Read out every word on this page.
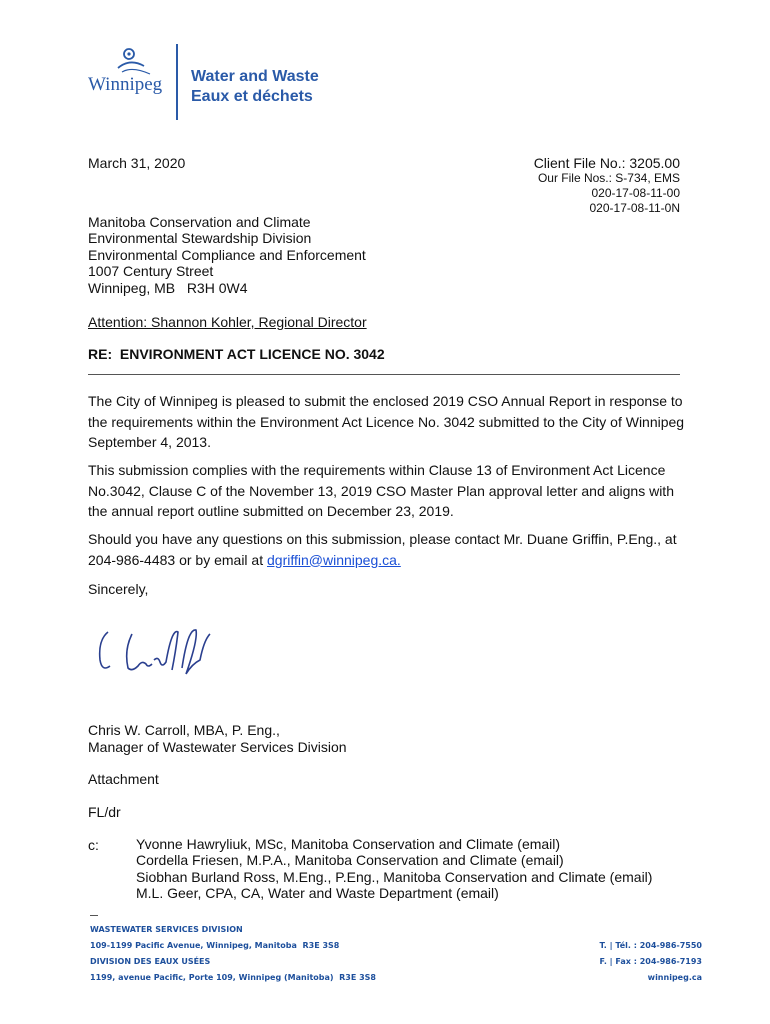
Winnipeg Water and Waste
Eaux et déchets
March 31, 2020	Client File No.: 3205.00
Our File Nos.: S-734, EMS
020-17-08-11-00
020-17-08-11-0N
Manitoba Conservation and Climate
Environmental Stewardship Division
Environmental Compliance and Enforcement
1007 Century Street
Winnipeg, MB   R3H 0W4
Attention: Shannon Kohler, Regional Director
RE:  ENVIRONMENT ACT LICENCE NO. 3042
The City of Winnipeg is pleased to submit the enclosed 2019 CSO Annual Report in response to the requirements within the Environment Act Licence No. 3042 submitted to the City of Winnipeg September 4, 2013.
This submission complies with the requirements within Clause 13 of Environment Act Licence No.3042, Clause C of the November 13, 2019 CSO Master Plan approval letter and aligns with the annual report outline submitted on December 23, 2019.
Should you have any questions on this submission, please contact Mr. Duane Griffin, P.Eng., at 204-986-4483 or by email at dgriffin@winnipeg.ca.
Sincerely,
Chris W. Carroll, MBA, P. Eng.,
Manager of Wastewater Services Division
Attachment
FL/dr
c:	Yvonne Hawryliuk, MSc, Manitoba Conservation and Climate (email)
Cordella Friesen, M.P.A., Manitoba Conservation and Climate (email)
Siobhan Burland Ross, M.Eng., P.Eng., Manitoba Conservation and Climate (email)
M.L. Geer, CPA, CA, Water and Waste Department (email)
WASTEWATER SERVICES DIVISION
109-1199 Pacific Avenue, Winnipeg, Manitoba  R3E 3S8
DIVISION DES EAUX USÉES
1199, avenue Pacific, Porte 109, Winnipeg (Manitoba)  R3E 3S8
T. | Tél. : 204-986-7550
F. | Fax : 204-986-7193
winnipeg.ca
